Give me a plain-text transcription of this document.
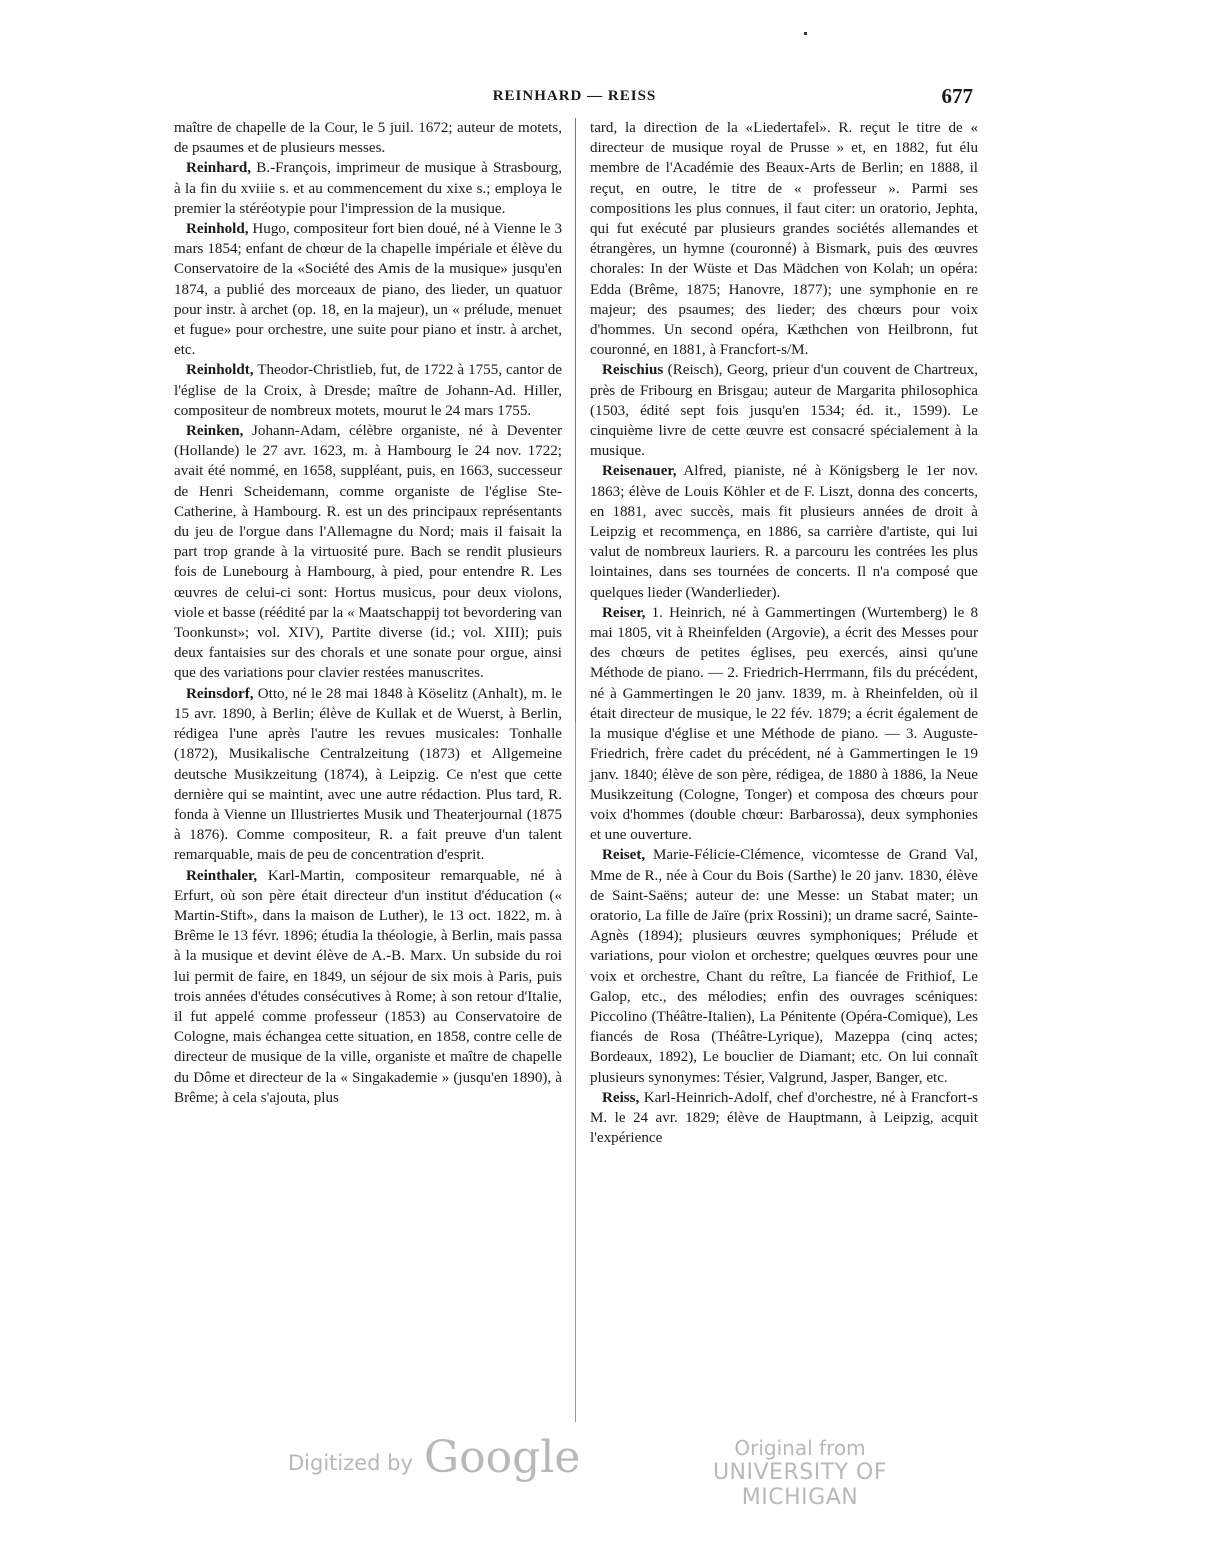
REINHARD — REISS	677

maître de chapelle de la Cour, le 5 juil. 1672; auteur de motets, de psaumes et de plusieurs messes.

Reinhard, B.-François, imprimeur de musique à Strasbourg, à la fin du xviiie s. et au commencement du xixe s.; employa le premier la stéréotypie pour l'impression de la musique.

Reinhold, Hugo, compositeur fort bien doué, né à Vienne le 3 mars 1854; enfant de chœur de la chapelle impériale et élève du Conservatoire de la «Société des Amis de la musique» jusqu'en 1874, a publié des morceaux de piano, des lieder, un quatuor pour instr. à archet (op. 18, en la majeur), un « prélude, menuet et fugue» pour orchestre, une suite pour piano et instr. à archet, etc.

Reinholdt, Theodor-Christlieb, fut, de 1722 à 1755, cantor de l'église de la Croix, à Dresde; maître de Johann-Ad. Hiller, compositeur de nombreux motets, mourut le 24 mars 1755.

Reinken, Johann-Adam, célèbre organiste, né à Deventer (Hollande) le 27 avr. 1623, m. à Hambourg le 24 nov. 1722; avait été nommé, en 1658, suppléant, puis, en 1663, successeur de Henri Scheidemann, comme organiste de l'église Ste-Catherine, à Hambourg. R. est un des principaux représentants du jeu de l'orgue dans l'Allemagne du Nord; mais il faisait la part trop grande à la virtuosité pure. Bach se rendit plusieurs fois de Lunebourg à Hambourg, à pied, pour entendre R. Les œuvres de celui-ci sont: Hortus musicus, pour deux violons, viole et basse (réédité par la « Maatschappij tot bevordering van Toonkunst»; vol. XIV), Partite diverse (id.; vol. XIII); puis deux fantaisies sur des chorals et une sonate pour orgue, ainsi que des variations pour clavier restées manuscrites.

Reinsdorf, Otto, né le 28 mai 1848 à Köselitz (Anhalt), m. le 15 avr. 1890, à Berlin; élève de Kullak et de Wuerst, à Berlin, rédigea l'une après l'autre les revues musicales: Tonhalle (1872), Musikalische Centralzeitung (1873) et Allgemeine deutsche Musikzeitung (1874), à Leipzig. Ce n'est que cette dernière qui se maintint, avec une autre rédaction. Plus tard, R. fonda à Vienne un Illustriertes Musik und Theaterjournal (1875 à 1876). Comme compositeur, R. a fait preuve d'un talent remarquable, mais de peu de concentration d'esprit.

Reinthaler, Karl-Martin, compositeur remarquable, né à Erfurt, où son père était directeur d'un institut d'éducation (« Martin-Stift», dans la maison de Luther), le 13 oct. 1822, m. à Brême le 13 févr. 1896; étudia la théologie, à Berlin, mais passa à la musique et devint élève de A.-B. Marx. Un subside du roi lui permit de faire, en 1849, un séjour de six mois à Paris, puis trois années d'études consécutives à Rome; à son retour d'Italie, il fut appelé comme professeur (1853) au Conservatoire de Cologne, mais échangea cette situation, en 1858, contre celle de directeur de musique de la ville, organiste et maître de chapelle du Dôme et directeur de la « Singakademie » (jusqu'en 1890), à Brême; à cela s'ajouta, plus

tard, la direction de la «Liedertafel». R. reçut le titre de « directeur de musique royal de Prusse » et, en 1882, fut élu membre de l'Académie des Beaux-Arts de Berlin; en 1888, il reçut, en outre, le titre de « professeur ». Parmi ses compositions les plus connues, il faut citer: un oratorio, Jephta, qui fut exécuté par plusieurs grandes sociétés allemandes et étrangères, un hymne (couronné) à Bismark, puis des œuvres chorales: In der Wüste et Das Mädchen von Kolah; un opéra: Edda (Brême, 1875; Hanovre, 1877); une symphonie en re majeur; des psaumes; des lieder; des chœurs pour voix d'hommes. Un second opéra, Kæthchen von Heilbronn, fut couronné, en 1881, à Francfort-s/M.

Reischius (Reisch), Georg, prieur d'un couvent de Chartreux, près de Fribourg en Brisgau; auteur de Margarita philosophica (1503, édité sept fois jusqu'en 1534; éd. it., 1599). Le cinquième livre de cette œuvre est consacré spécialement à la musique.

Reisenauer, Alfred, pianiste, né à Königsberg le 1er nov. 1863; élève de Louis Köhler et de F. Liszt, donna des concerts, en 1881, avec succès, mais fit plusieurs années de droit à Leipzig et recommença, en 1886, sa carrière d'artiste, qui lui valut de nombreux lauriers. R. a parcouru les contrées les plus lointaines, dans ses tournées de concerts. Il n'a composé que quelques lieder (Wanderlieder).

Reiser, 1. Heinrich, né à Gammertingen (Wurtemberg) le 8 mai 1805, vit à Rheinfelden (Argovie), a écrit des Messes pour des chœurs de petites églises, peu exercés, ainsi qu'une Méthode de piano. — 2. Friedrich-Herrmann, fils du précédent, né à Gammertingen le 20 janv. 1839, m. à Rheinfelden, où il était directeur de musique, le 22 fév. 1879; a écrit également de la musique d'église et une Méthode de piano. — 3. Auguste-Friedrich, frère cadet du précédent, né à Gammertingen le 19 janv. 1840; élève de son père, rédigea, de 1880 à 1886, la Neue Musikzeitung (Cologne, Tonger) et composa des chœurs pour voix d'hommes (double chœur: Barbarossa), deux symphonies et une ouverture.

Reiset, Marie-Félicie-Clémence, vicomtesse de Grand Val, Mme de R., née à Cour du Bois (Sarthe) le 20 janv. 1830, élève de Saint-Saëns; auteur de: une Messe: un Stabat mater; un oratorio, La fille de Jaïre (prix Rossini); un drame sacré, Sainte-Agnès (1894); plusieurs œuvres symphoniques; Prélude et variations, pour violon et orchestre; quelques œuvres pour une voix et orchestre, Chant du reître, La fiancée de Frithiof, Le Galop, etc., des mélodies; enfin des ouvrages scéniques: Piccolino (Théâtre-Italien), La Pénitente (Opéra-Comique), Les fiancés de Rosa (Théâtre-Lyrique), Mazeppa (cinq actes; Bordeaux, 1892), Le bouclier de Diamant; etc. On lui connaît plusieurs synonymes: Tésier, Valgrund, Jasper, Banger, etc.

Reiss, Karl-Heinrich-Adolf, chef d'orchestre, né à Francfort-s M. le 24 avr. 1829; élève de Hauptmann, à Leipzig, acquit l'expérience

Digitized by Google	Original from
UNIVERSITY OF MICHIGAN
